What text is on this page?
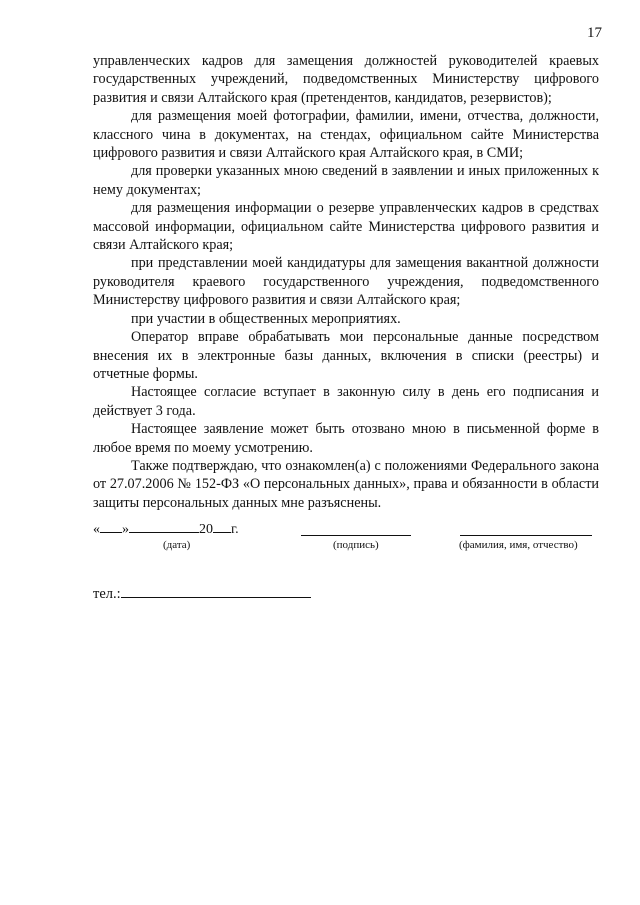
17

управленческих кадров для замещения должностей руководителей краевых государственных учреждений, подведомственных Министерству цифрового развития и связи Алтайского края (претендентов, кандидатов, резервистов);

для размещения моей фотографии, фамилии, имени, отчества, должности, классного чина в документах, на стендах, официальном сайте Министерства цифрового развития и связи Алтайского края Алтайского края, в СМИ;

для проверки указанных мною сведений в заявлении и иных приложенных к нему документах;

для размещения информации о резерве управленческих кадров в средствах массовой информации, официальном сайте Министерства цифрового развития и связи Алтайского края;

при представлении моей кандидатуры для замещения вакантной должности руководителя краевого государственного учреждения, подведомственного Министерству цифрового развития и связи Алтайского края;

при участии в общественных мероприятиях.

Оператор вправе обрабатывать мои персональные данные посредством внесения их в электронные базы данных, включения в списки (реестры) и отчетные формы.

Настоящее согласие вступает в законную силу в день его подписания и действует 3 года.

Настоящее заявление может быть отозвано мною в письменной форме в любое время по моему усмотрению.

Также подтверждаю, что ознакомлен(а) с положениями Федерального закона от 27.07.2006 № 152-ФЗ «О персональных данных», права и обязанности в области защиты персональных данных мне разъяснены.

« »	20 г.
(дата)	(подпись)	(фамилия, имя, отчество)
тел.:
